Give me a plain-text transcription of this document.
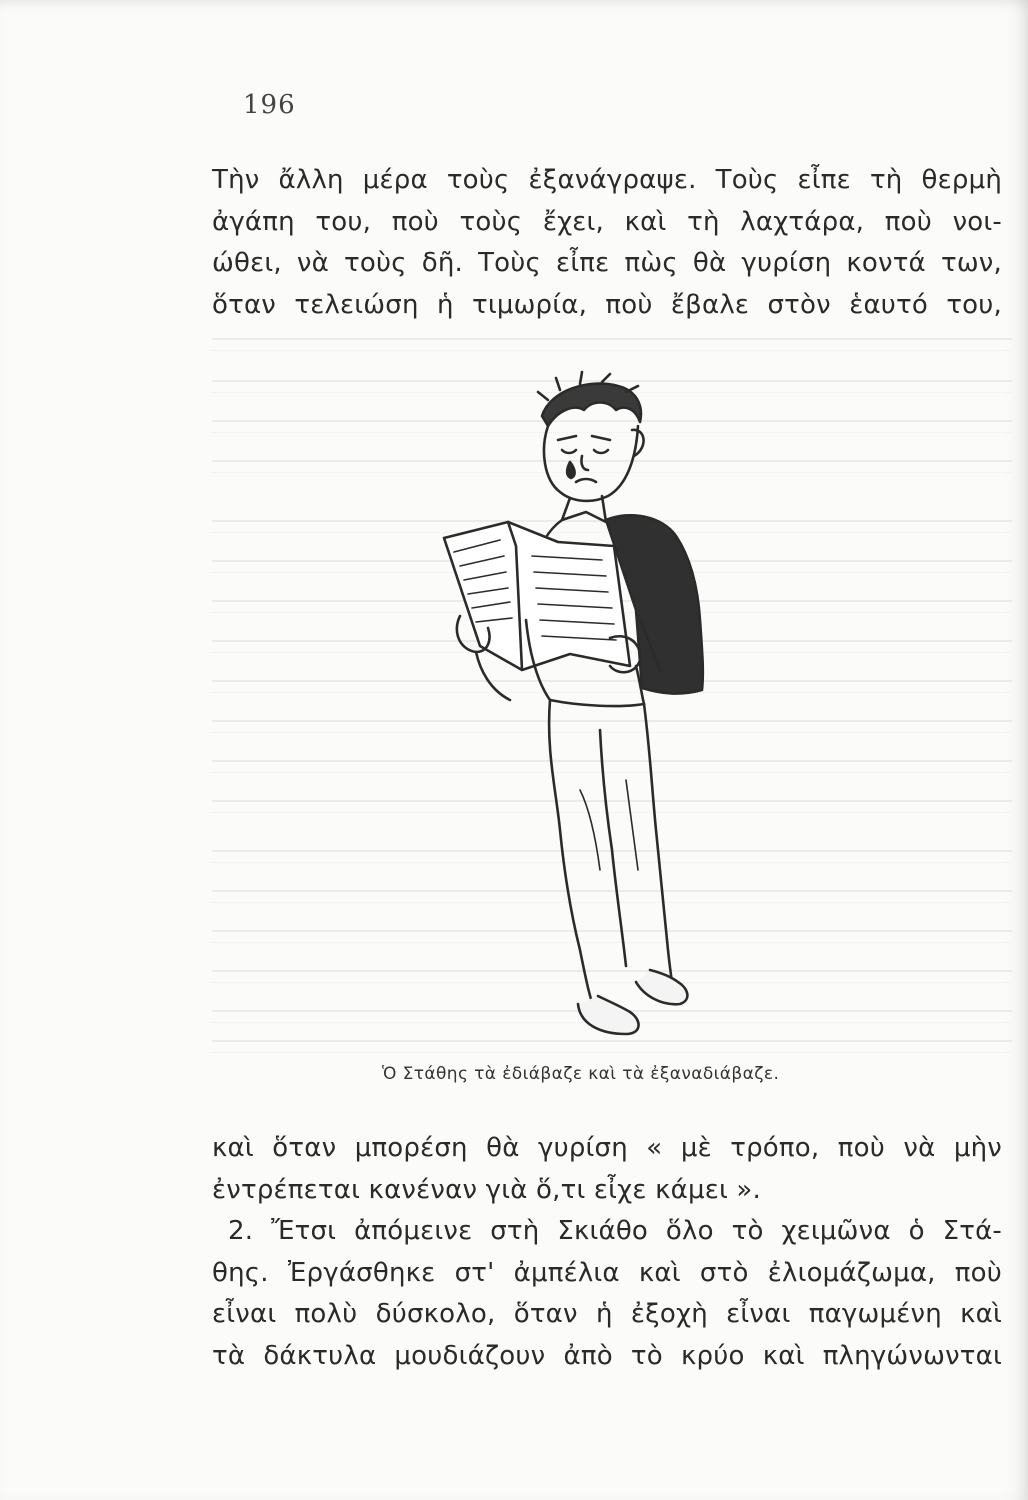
196
Τὴν ἄλλη μέρα τοὺς ἐξανάγραψε. Τοὺς εἶπε τὴ θερμὴ
ἀγάπη του, ποὺ τοὺς ἔχει, καὶ τὴ λαχτάρα, ποὺ νοι-
ώθει, νὰ τοὺς δῆ. Τοὺς εἶπε πὼς θὰ γυρίση κοντά των,
ὅταν τελειώση ἡ τιμωρία, ποὺ ἔβαλε στὸν ἑαυτό του,
Ὁ Στάθης τὰ ἐδιάβαζε καὶ τὰ ἐξαναδιάβαζε.
καὶ ὅταν μπορέση θὰ γυρίση « μὲ τρόπο, ποὺ νὰ μὴν
ἐντρέπεται κανέναν γιὰ ὅ,τι εἶχε κάμει ».
2. Ἔτσι ἀπόμεινε στὴ Σκιάθο ὅλο τὸ χειμῶνα ὁ Στά-
θης. Ἐργάσθηκε στ' ἀμπέλια καὶ στὸ ἐλιομάζωμα, ποὺ
εἶναι πολὺ δύσκολο, ὅταν ἡ ἐξοχὴ εἶναι παγωμένη καὶ
τὰ δάκτυλα μουδιάζουν ἀπὸ τὸ κρύο καὶ πληγώνωνται
